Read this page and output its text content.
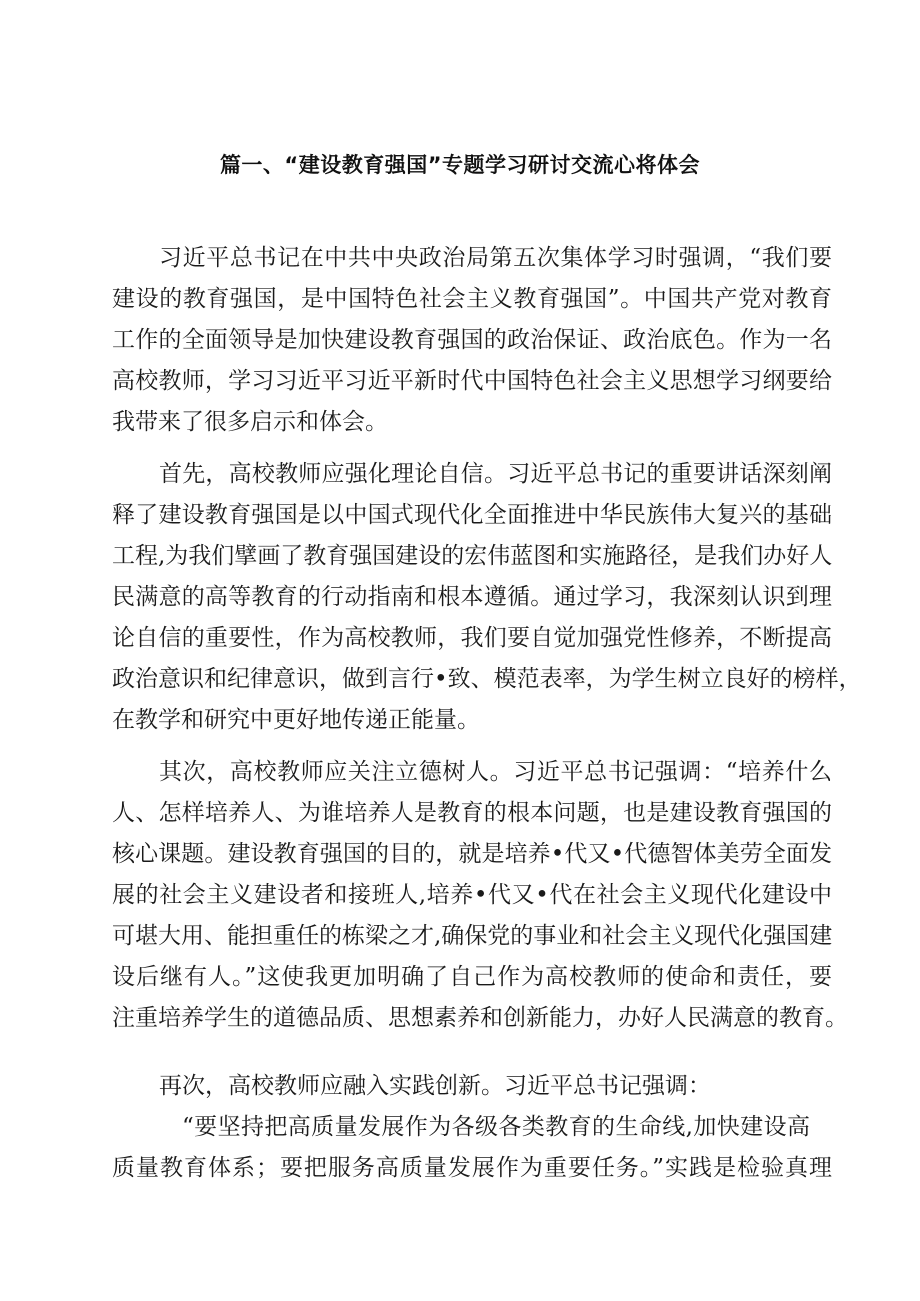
篇一、“建设教育强国”专题学习研讨交流心将体会
习近平总书记在中共中央政治局第五次集体学习时强调，“我们要
建设的教育强国，是中国特色社会主义教育强国”。中国共产党对教育
工作的全面领导是加快建设教育强国的政治保证、政治底色。作为一名
高校教师，学习习近平习近平新时代中国特色社会主义思想学习纲要给
我带来了很多启示和体会。
首先，高校教师应强化理论自信。习近平总书记的重要讲话深刻阐
释了建设教育强国是以中国式现代化全面推进中华民族伟大复兴的基础
工程,为我们擘画了教育强国建设的宏伟蓝图和实施路径，是我们办好人
民满意的高等教育的行动指南和根本遵循。通过学习，我深刻认识到理
论自信的重要性，作为高校教师，我们要自觉加强党性修养，不断提高
政治意识和纪律意识，做到言行•致、模范表率，为学生树立良好的榜样，
在教学和研究中更好地传递正能量。
其次，高校教师应关注立德树人。习近平总书记强调：“培养什么
人、怎样培养人、为谁培养人是教育的根本问题，也是建设教育强国的
核心课题。建设教育强国的目的，就是培养•代又•代德智体美劳全面发
展的社会主义建设者和接班人,培养•代又•代在社会主义现代化建设中
可堪大用、能担重任的栋梁之才,确保党的事业和社会主义现代化强国建
设后继有人。”这使我更加明确了自己作为高校教师的使命和责任，要
注重培养学生的道德品质、思想素养和创新能力，办好人民满意的教育。
再次，高校教师应融入实践创新。习近平总书记强调：
“要坚持把高质量发展作为各级各类教育的生命线,加快建设高
质量教育体系；要把服务高质量发展作为重要任务。”实践是检验真理
